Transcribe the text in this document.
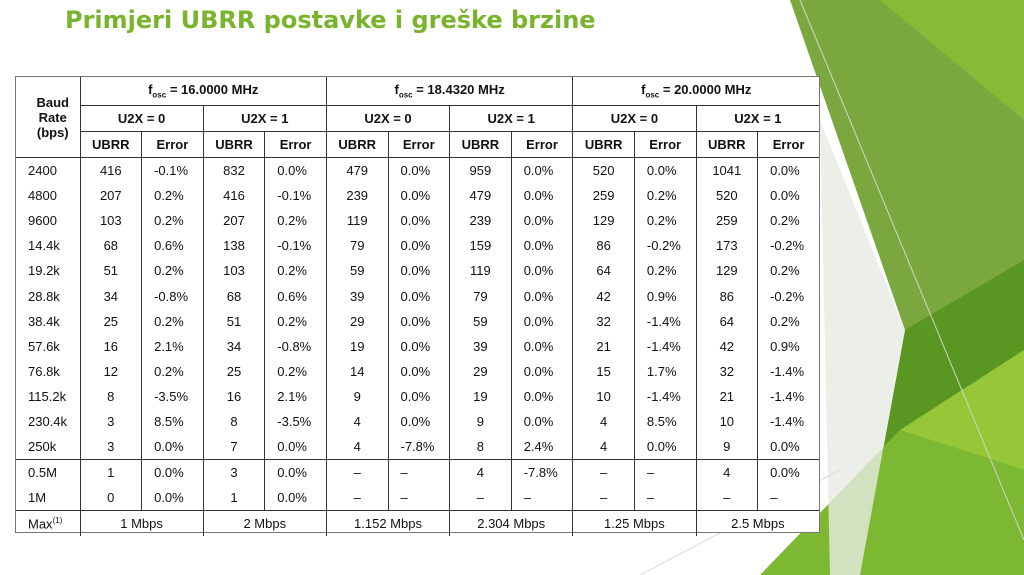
Primjeri UBRR postavke i greške brzine
Baud
Rate
(bps)	$f_{osc} = 16.0000$ MHz				$f_{osc} = 18.4320$ MHz				$f_{osc} = 20.0000$ MHz			
	U2X = 0		U2X = 1		U2X = 0		U2X = 1		U2X = 0		U2X = 1	
	UBRR	Error	UBRR	Error	UBRR	Error	UBRR	Error	UBRR	Error	UBRR	Error
2400	416	-0.1%	832	0.0%	479	0.0%	959	0.0%	520	0.0%	1041	0.0%
4800	207	0.2%	416	-0.1%	239	0.0%	479	0.0%	259	0.2%	520	0.0%
9600	103	0.2%	207	0.2%	119	0.0%	239	0.0%	129	0.2%	259	0.2%
14.4k	68	0.6%	138	-0.1%	79	0.0%	159	0.0%	86	-0.2%	173	-0.2%
19.2k	51	0.2%	103	0.2%	59	0.0%	119	0.0%	64	0.2%	129	0.2%
28.8k	34	-0.8%	68	0.6%	39	0.0%	79	0.0%	42	0.9%	86	-0.2%
38.4k	25	0.2%	51	0.2%	29	0.0%	59	0.0%	32	-1.4%	64	0.2%
57.6k	16	2.1%	34	-0.8%	19	0.0%	39	0.0%	21	-1.4%	42	0.9%
76.8k	12	0.2%	25	0.2%	14	0.0%	29	0.0%	15	1.7%	32	-1.4%
115.2k	8	-3.5%	16	2.1%	9	0.0%	19	0.0%	10	-1.4%	21	-1.4%
230.4k	3	8.5%	8	-3.5%	4	0.0%	9	0.0%	4	8.5%	10	-1.4%
250k	3	0.0%	7	0.0%	4	-7.8%	8	2.4%	4	0.0%	9	0.0%
0.5M	1	0.0%	3	0.0%	–	–	4	-7.8%	–	–	4	0.0%
1M	0	0.0%	1	0.0%	–	–	–	–	–	–	–	–
Max$^{(1)}$	1 Mbps		2 Mbps		1.152 Mbps		2.304 Mbps		1.25 Mbps		2.5 Mbps	
